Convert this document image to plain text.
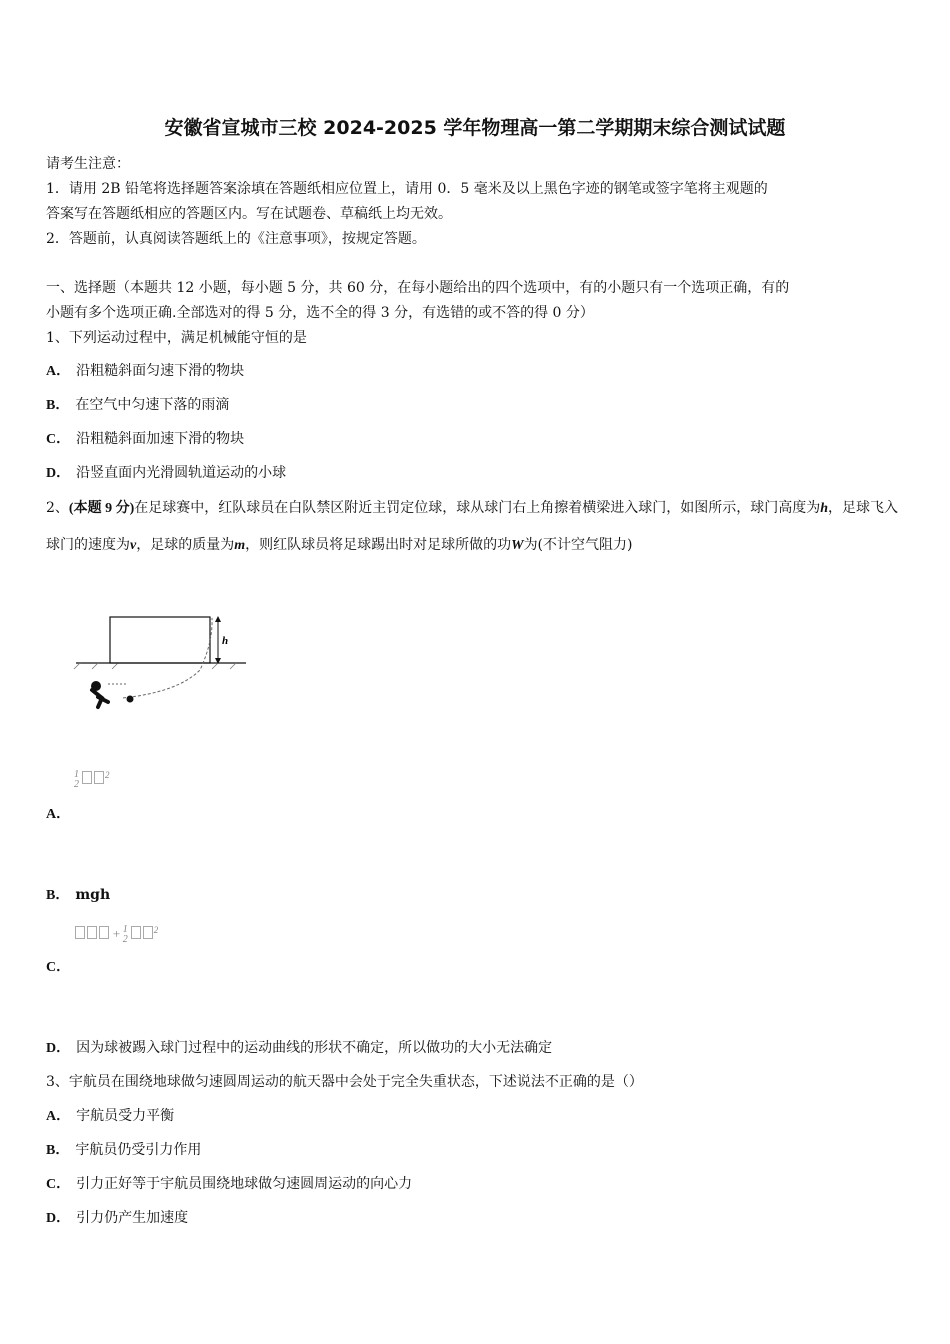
安徽省宣城市三校 2024-2025 学年物理高一第二学期期末综合测试试题
请考生注意：
1．请用 2B 铅笔将选择题答案涂填在答题纸相应位置上，请用 0．5 毫米及以上黑色字迹的钢笔或签字笔将主观题的
答案写在答题纸相应的答题区内。写在试题卷、草稿纸上均无效。
2．答题前，认真阅读答题纸上的《注意事项》，按规定答题。
一、选择题（本题共 12 小题，每小题 5 分，共 60 分，在每小题给出的四个选项中，有的小题只有一个选项正确，有的
小题有多个选项正确.全部选对的得 5 分，选不全的得 3 分，有选错的或不答的得 0 分）
1、下列运动过程中，满足机械能守恒的是
A． 沿粗糙斜面匀速下滑的物块
B． 在空气中匀速下落的雨滴
C． 沿粗糙斜面加速下滑的物块
D． 沿竖直面内光滑圆轨道运动的小球
2、(本题 9 分)在足球赛中，红队球员在白队禁区附近主罚定位球，球从球门右上角擦着横梁进入球门，如图所示，球门高度为h，足球飞入球门的速度为v，足球的质量为m，则红队球员将足球踢出时对足球所做的功W为(不计空气阻力)
h
1
2
$^2$
A．
B． mgh
+ 1
2
$^2$
C．
D． 因为球被踢入球门过程中的运动曲线的形状不确定，所以做功的大小无法确定
3、宇航员在围绕地球做匀速圆周运动的航天器中会处于完全失重状态，下述说法不正确的是（）
A． 宇航员受力平衡
B． 宇航员仍受引力作用
C． 引力正好等于宇航员围绕地球做匀速圆周运动的向心力
D． 引力仍产生加速度
